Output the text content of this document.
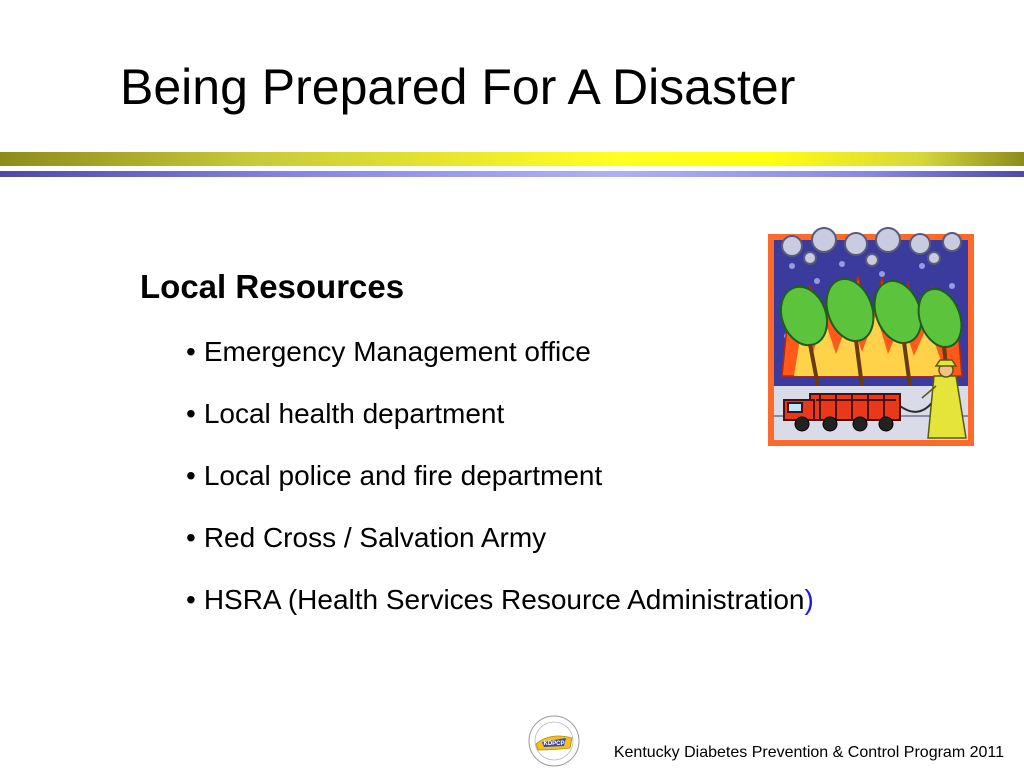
Being Prepared For A Disaster
Local Resources
• Emergency Management office
• Local health department
• Local police and fire department
• Red Cross / Salvation Army
• HSRA (Health Services Resource Administration)
KDPCP	Kentucky Diabetes Prevention & Control Program 2011
